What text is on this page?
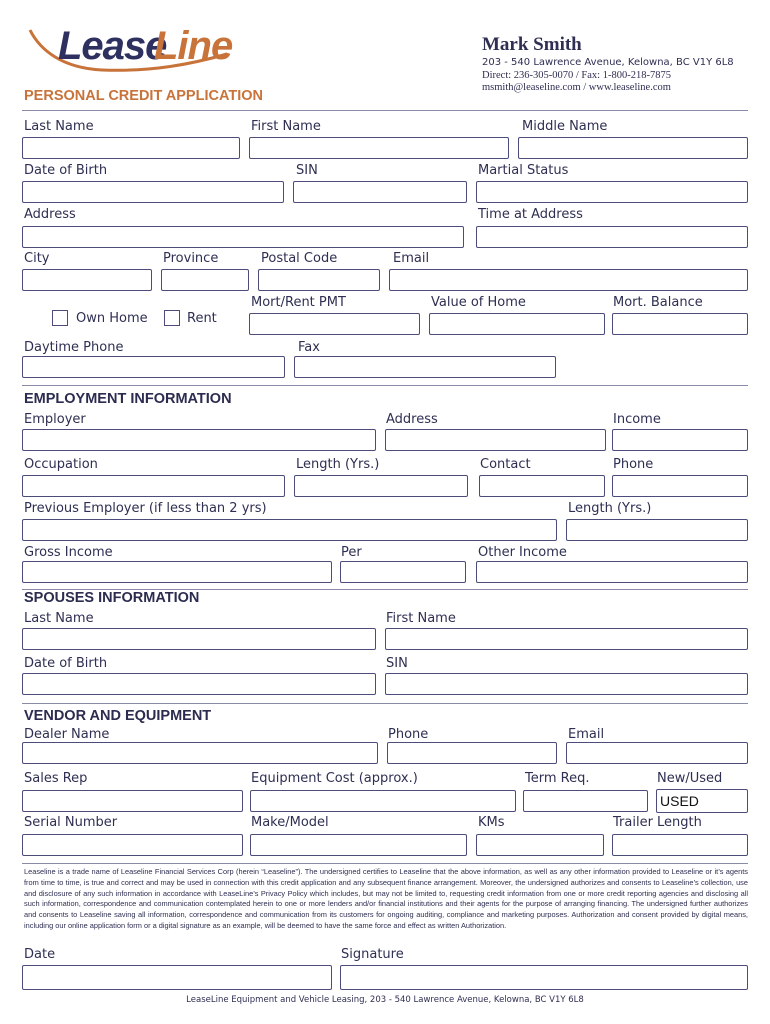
Lease
Line	Mark Smith
203 - 540 Lawrence Avenue, Kelowna, BC V1Y 6L8
Direct: 236-305-0070 / Fax: 1-800-218-7875
msmith@leaseline.com / www.leaseline.com
PERSONAL CREDIT APPLICATION
Last Name	First Name	Middle Name
Date of Birth	SIN	Martial Status
Address	Time at Address
City	Province	Postal Code	Email
Own Home	Rent
Mort/Rent PMT	Value of Home	Mort. Balance
Daytime Phone	Fax
EMPLOYMENT INFORMATION
Employer	Address	Income
Occupation	Length (Yrs.)	Contact	Phone
Previous Employer (if less than 2 yrs)	Length (Yrs.)
Gross Income	Per	Other Income
SPOUSES INFORMATION
Last Name	First Name
Date of Birth	SIN
VENDOR AND EQUIPMENT
Dealer Name	Phone	Email
Sales Rep	Equipment Cost (approx.)	Term Req.	New/Used
USED
Serial Number	Make/Model	KMs	Trailer Length
Leaseline is a trade name of Leaseline Financial Services Corp (herein “Leaseline”). The undersigned certifies to Leaseline that the above information, as well as any other information provided to Leaseline or it’s agents from time to time, is true and correct and may be used in connection with this credit application and any subsequent finance arrangement. Moreover, the undersigned authorizes and consents to Leaseline’s collection, use and disclosure of any such information in accordance with LeaseLine’s Privacy Policy which includes, but may not be limited to, requesting credit information from one or more credit reporting agencies and disclosing all such information, correspondence and communication contemplated herein to one or more lenders and/or financial institutions and their agents for the purpose of arranging financing. The undersigned further authorizes and consents to Leaseline saving all information, correspondence and communication from its customers for ongoing auditing, compliance and marketing purposes. Authorization and consent provided by digital means, including our online application form or a digital signature as an example, will be deemed to have the same force and effect as written Authorization.
Date	Signature
LeaseLine Equipment and Vehicle Leasing, 203 - 540 Lawrence Avenue, Kelowna, BC V1Y 6L8
